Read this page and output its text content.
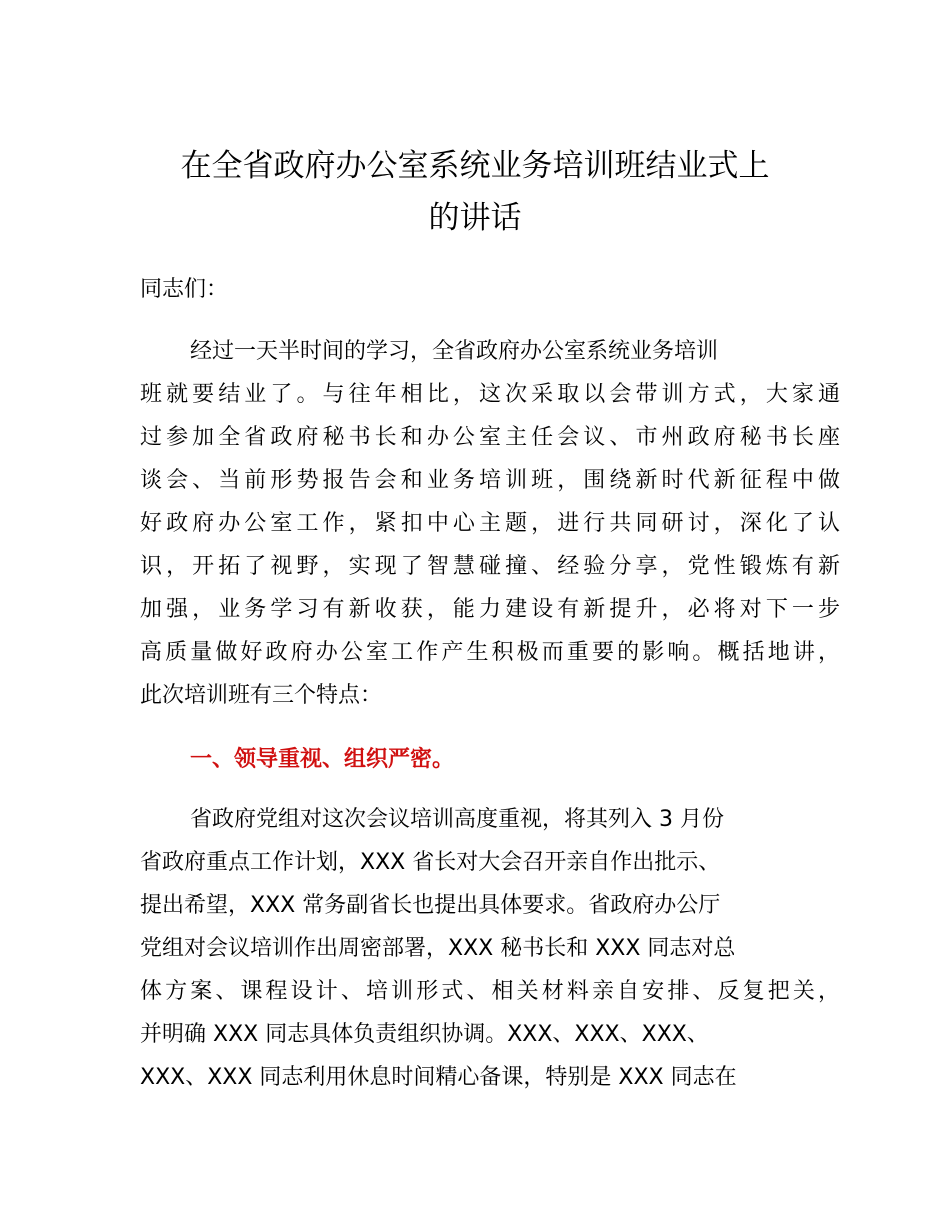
在全省政府办公室系统业务培训班结业式上
的讲话

同志们：

经过一天半时间的学习，全省政府办公室系统业务培训
班就要结业了。与往年相比，这次采取以会带训方式，大家通
过参加全省政府秘书长和办公室主任会议、市州政府秘书长座
谈会、当前形势报告会和业务培训班，围绕新时代新征程中做
好政府办公室工作，紧扣中心主题，进行共同研讨，深化了认
识，开拓了视野，实现了智慧碰撞、经验分享，党性锻炼有新
加强，业务学习有新收获，能力建设有新提升，必将对下一步
高质量做好政府办公室工作产生积极而重要的影响。概括地讲，
此次培训班有三个特点：
一、领导重视、组织严密。
省政府党组对这次会议培训高度重视，将其列入 3 月份
省政府重点工作计划，XXX 省长对大会召开亲自作出批示、
提出希望，XXX 常务副省长也提出具体要求。省政府办公厅
党组对会议培训作出周密部署，XXX 秘书长和 XXX 同志对总
体方案、课程设计、培训形式、相关材料亲自安排、反复把关，
并明确 XXX 同志具体负责组织协调。XXX、XXX、XXX、
XXX、XXX 同志利用休息时间精心备课，特别是 XXX 同志在
